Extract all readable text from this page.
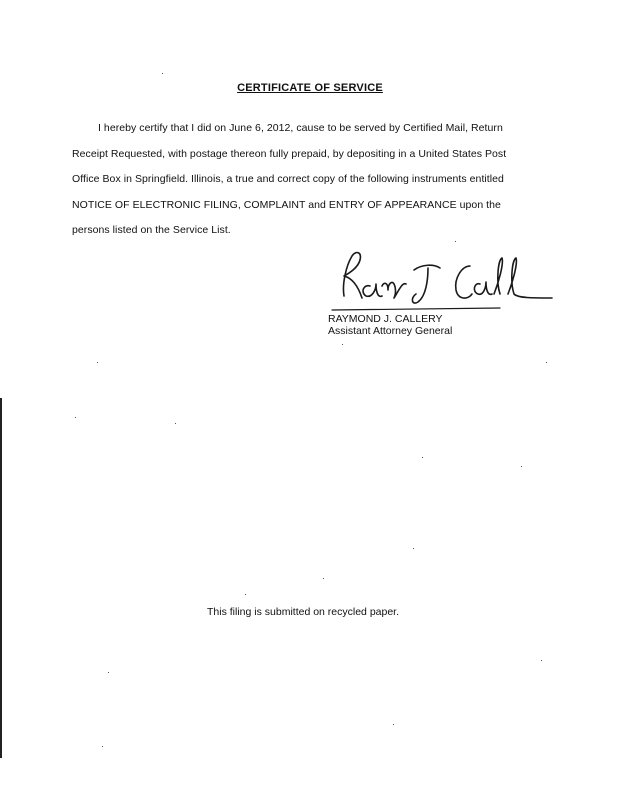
CERTIFICATE OF SERVICE
I hereby certify that I did on June 6, 2012, cause to be served by Certified Mail, Return
Receipt Requested, with postage thereon fully prepaid, by depositing in a United States Post
Office Box in Springfield. Illinois, a true and correct copy of the following instruments entitled
NOTICE OF ELECTRONIC FILING, COMPLAINT and ENTRY OF APPEARANCE upon the
persons listed on the Service List.
RAYMOND J. CALLERY
Assistant Attorney General
This filing is submitted on recycled paper.
